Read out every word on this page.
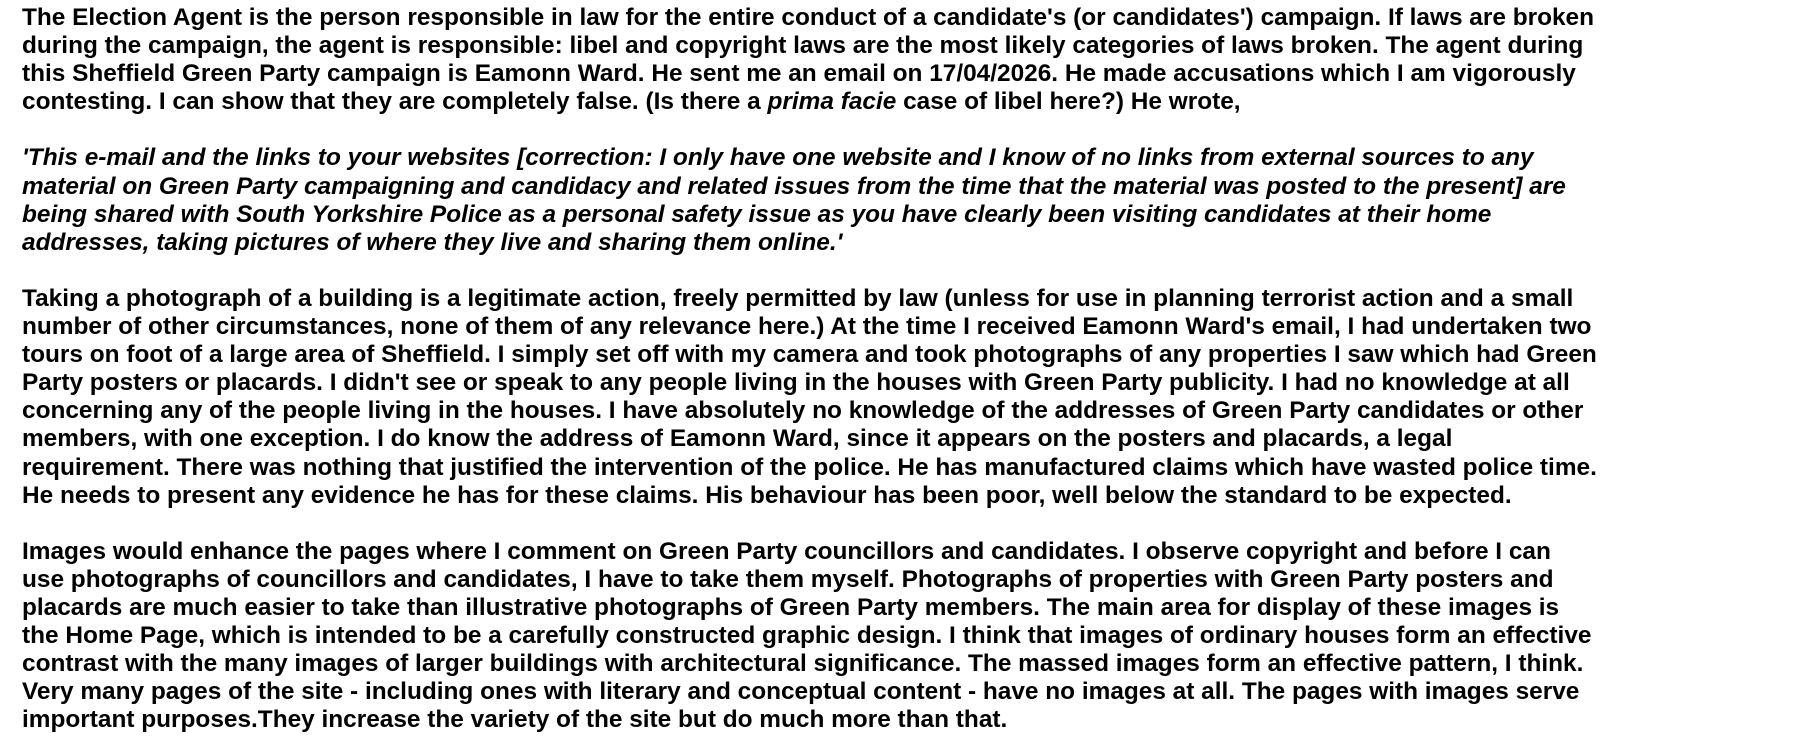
The Election Agent is the person responsible in law for the entire conduct of a candidate's (or candidates') campaign. If laws are broken
during the campaign, the agent is responsible: libel and copyright laws are the most likely categories of laws broken. The agent during
this Sheffield Green Party campaign is Eamonn Ward. He sent me an email on 17/04/2026. He made accusations which I am vigorously
contesting. I can show that they are completely false. (Is there a prima facie case of libel here?) He wrote,

'This e-mail and the links to your websites [correction: I only have one website and I know of no links from external sources to any
material on Green Party campaigning and candidacy and related issues from the time that the material was posted to the present] are
being shared with South Yorkshire Police as a personal safety issue as you have clearly been visiting candidates at their home
addresses, taking pictures of where they live and sharing them online.'

Taking a photograph of a building is a legitimate action, freely permitted by law (unless for use in planning terrorist action and a small
number of other circumstances, none of them of any relevance here.) At the time I received Eamonn Ward's email, I had undertaken two
tours on foot of a large area of Sheffield. I simply set off with my camera and took photographs of any properties I saw which had Green
Party posters or placards. I didn't see or speak to any people living in the houses with Green Party publicity. I had no knowledge at all
concerning any of the people living in the houses. I have absolutely no knowledge of the addresses of Green Party candidates or other
members, with one exception. I do know the address of Eamonn Ward, since it appears on the posters and placards, a legal
requirement. There was nothing that justified the intervention of the police. He has manufactured claims which have wasted police time.
He needs to present any evidence he has for these claims. His behaviour has been poor, well below the standard to be expected.

Images would enhance the pages where I comment on Green Party councillors and candidates. I observe copyright and before I can
use photographs of councillors and candidates, I have to take them myself. Photographs of properties with Green Party posters and
placards are much easier to take than illustrative photographs of Green Party members. The main area for display of these images is
the Home Page, which is intended to be a carefully constructed graphic design. I think that images of ordinary houses form an effective
contrast with the many images of larger buildings with architectural significance. The massed images form an effective pattern, I think.
Very many pages of the site - including ones with literary and conceptual content - have no images at all. The pages with images serve
important purposes.They increase the variety of the site but do much more than that.
